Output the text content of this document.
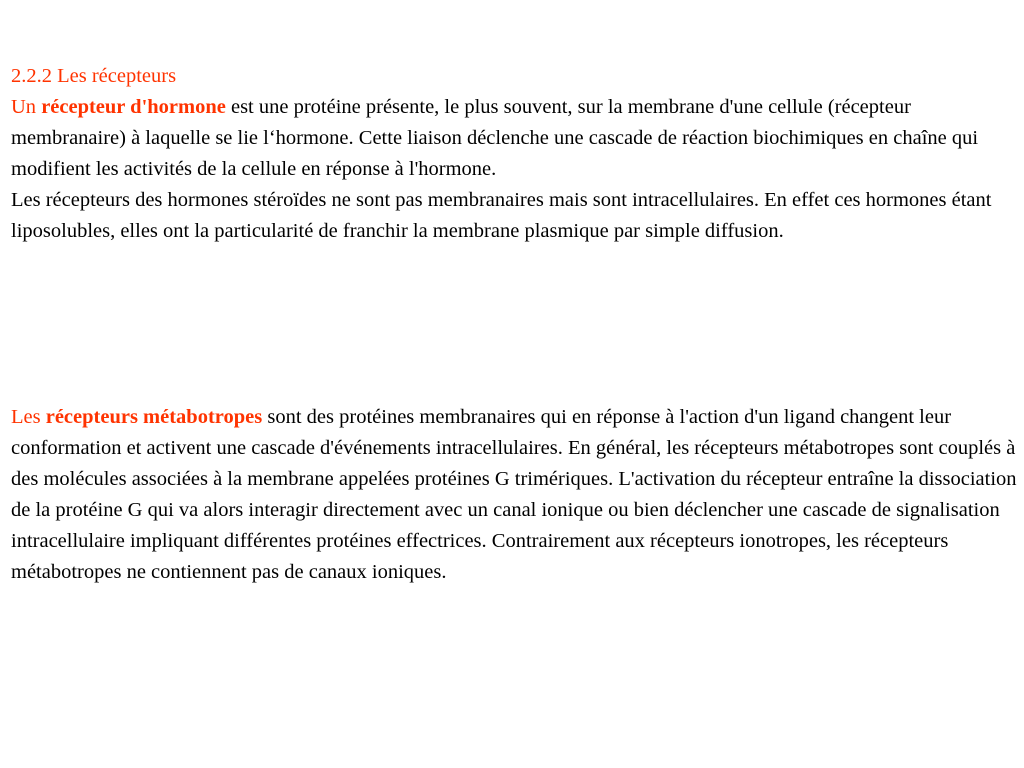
2.2.2 Les récepteurs

Un récepteur d'hormone est une protéine présente, le plus souvent, sur la membrane d'une cellule (récepteur membranaire) à laquelle se lie l‘hormone. Cette liaison déclenche une cascade de réaction biochimiques en chaîne qui modifient les activités de la cellule en réponse à l'hormone.

Les récepteurs des hormones stéroïdes ne sont pas membranaires mais sont intracellulaires. En effet ces hormones étant liposolubles, elles ont la particularité de franchir la membrane plasmique par simple diffusion.

Les récepteurs métabotropes sont des protéines membranaires qui en réponse à l'action d'un ligand changent leur conformation et activent une cascade d'événements intracellulaires. En général, les récepteurs métabotropes sont couplés à des molécules associées à la membrane appelées protéines G trimériques. L'activation du récepteur entraîne la dissociation de la protéine G qui va alors interagir directement avec un canal ionique ou bien déclencher une cascade de signalisation intracellulaire impliquant différentes protéines effectrices. Contrairement aux récepteurs ionotropes, les récepteurs métabotropes ne contiennent pas de canaux ioniques.
